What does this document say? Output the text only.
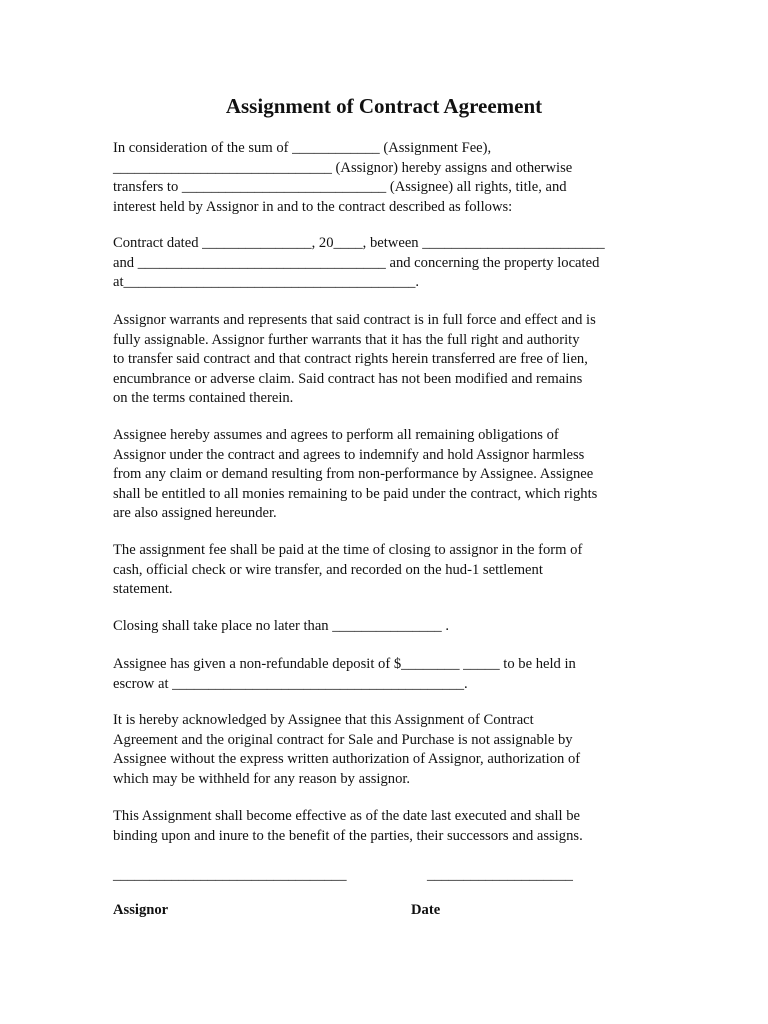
Assignment of Contract Agreement

In consideration of the sum of ____________ (Assignment Fee),
______________________________ (Assignor) hereby assigns and otherwise
transfers to ____________________________ (Assignee) all rights, title, and
interest held by Assignor in and to the contract described as follows:

Contract dated _______________, 20____, between _________________________
and __________________________________ and concerning the property located
at________________________________________.

Assignor warrants and represents that said contract is in full force and effect and is
fully assignable. Assignor further warrants that it has the full right and authority
to transfer said contract and that contract rights herein transferred are free of lien,
encumbrance or adverse claim. Said contract has not been modified and remains
on the terms contained therein.

Assignee hereby assumes and agrees to perform all remaining obligations of
Assignor under the contract and agrees to indemnify and hold Assignor harmless
from any claim or demand resulting from non-performance by Assignee. Assignee
shall be entitled to all monies remaining to be paid under the contract, which rights
are also assigned hereunder.

The assignment fee shall be paid at the time of closing to assignor in the form of
cash, official check or wire transfer, and recorded on the hud-1 settlement
statement.

Closing shall take place no later than _______________ .

Assignee has given a non-refundable deposit of $________ _____ to be held in
escrow at ________________________________________.

It is hereby acknowledged by Assignee that this Assignment of Contract
Agreement and the original contract for Sale and Purchase is not assignable by
Assignee without the express written authorization of Assignor, authorization of
which may be withheld for any reason by assignor.

This Assignment shall become effective as of the date last executed and shall be
binding upon and inure to the benefit of the parties, their successors and assigns.

________________________________	____________________

Assignor	Date
